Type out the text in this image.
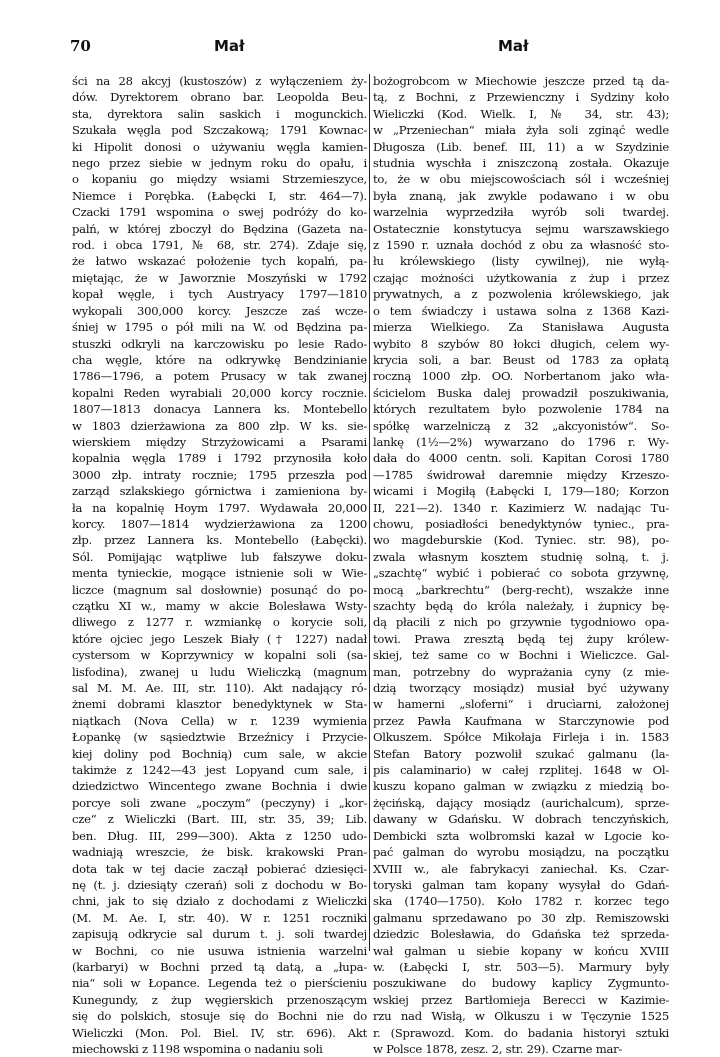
70	Mał	Mał
ści na 28 akcyj (kustoszów) z wyłączeniem ży-
dów. Dyrektorem obrano bar. Leopolda Beu-
sta, dyrektora salin saskich i mogunckich.
Szukała węgla pod Szczakową; 1791 Kownac-
ki Hipolit donosi o używaniu węgla kamien-
nego przez siebie w jednym roku do opału, i
o kopaniu go między wsiami Strzemieszyce,
Niemce i Porębka. (Łabęcki I, str. 464—7).
Czacki 1791 wspomina o swej podróży do ko-
palń, w której zboczył do Będzina (Gazeta na-
rod. i obca 1791, № 68, str. 274). Zdaje się,
że łatwo wskazać położenie tych kopalń, pa-
miętając, że w Jaworznie Moszyński w 1792
kopał węgle, i tych Austryacy 1797—1810
wykopali 300,000 korcy. Jeszcze zaś wcze-
śniej w 1795 o pół mili na W. od Będzina pa-
stuszki odkryli na karczowisku po lesie Rado-
cha węgle, które na odkrywkę Bendzinianie
1786—1796, a potem Prusacy w tak zwanej
kopalni Reden wyrabiali 20,000 korcy rocznie.
1807—1813 donacya Lannera ks. Montebello
w 1803 dzierżawiona za 800 złp. W ks. sie-
wierskiem między Strzyżowicami a Psarami
kopalnia węgla 1789 i 1792 przynosiła koło
3000 złp. intraty rocznie; 1795 przeszła pod
zarząd szlakskiego górnictwa i zamieniona by-
ła na kopalnię Hoym 1797. Wydawała 20,000
korcy. 1807—1814 wydzierżawiona za 1200
złp. przez Lannera ks. Montebello (Łabęcki).
Sól. Pomijając wątpliwe lub fałszywe doku-
menta tynieckie, mogące istnienie soli w Wie-
liczce (magnum sal dosłownie) posunąć do po-
czątku XI w., mamy w akcie Bolesława Wsty-
dliwego z 1277 r. wzmiankę o korycie soli,
które ojciec jego Leszek Biały († 1227) nadał
cystersom w Koprzywnicy w kopalni soli (sa-
lisfodina), zwanej u ludu Wieliczką (magnum
sal M. M. Ae. III, str. 110). Akt nadający ró-
żnemi dobrami klasztor benedyktynek w Sta-
niątkach (Nova Cella) w r. 1239 wymienia
Łopankę (w sąsiedztwie Brzeźnicy i Przycie-
kiej doliny pod Bochnią) cum sale, w akcie
takimże z 1242—43 jest Lopyand cum sale, i
dziedzictwo Wincentego zwane Bochnia i dwie
porcye soli zwane „poczym“ (peczyny) i „kor-
cze“ z Wieliczki (Bart. III, str. 35, 39; Lib.
ben. Dług. III, 299—300). Akta z 1250 udo-
wadniają wreszcie, że bisk. krakowski Pran-
dota tak w tej dacie zaczął pobierać dziesięci-
nę (t. j. dziesiąty czerań) soli z dochodu w Bo-
chni, jak to się działo z dochodami z Wieliczki
(M. M. Ae. I, str. 40). W r. 1251 roczniki
zapisują odkrycie sal durum t. j. soli twardej
w Bochni, co nie usuwa istnienia warzelni
(karbaryi) w Bochni przed tą datą, a „łupa-
nia“ soli w Łopance. Legenda też o pierścieniu
Kunegundy, z żup węgierskich przenoszącym
się do polskich, stosuje się do Bochni nie do
Wieliczki (Mon. Pol. Biel. IV, str. 696). Akt
miechowski z 1198 wspomina o nadaniu soli
bożogrobcom w Miechowie jeszcze przed tą da-
tą, z Bochni, z Przewienczny i Sydziny koło
Wieliczki (Kod. Wielk. I, № 34, str. 43);
w „Przeniechan“ miała żyła soli zginąć wedle
Długosza (Lib. benef. III, 11) a w Szydzinie
studnia wyschła i zniszczoną została. Okazuje
to, że w obu miejscowościach sól i wcześniej
była znaną, jak zwykle podawano i w obu
warzelnia wyprzedziła wyrób soli twardej.
Ostatecznie konstytucya sejmu warszawskiego
z 1590 r. uznała dochód z obu za własność sto-
łu królewskiego (listy cywilnej), nie wyłą-
czając możności użytkowania z żup i przez
prywatnych, a z pozwolenia królewskiego, jak
o tem świadczy i ustawa solna z 1368 Kazi-
mierza Wielkiego. Za Stanisława Augusta
wybito 8 szybów 80 łokci długich, celem wy-
krycia soli, a bar. Beust od 1783 za opłatą
roczną 1000 złp. OO. Norbertanom jako wła-
ścicielom Buska dalej prowadził poszukiwania,
których rezultatem było pozwolenie 1784 na
spółkę warzelniczą z 32 „akcyonistów“. So-
lankę (1½—2%) wywarzano do 1796 r. Wy-
dała do 4000 centn. soli. Kapitan Corosi 1780
—1785 świdrował daremnie między Krzeszo-
wicami i Mogiłą (Łabęcki I, 179—180; Korzon
II, 221—2). 1340 r. Kazimierz W. nadając Tu-
chowu, posiadłości benedyktynów tyniec., pra-
wo magdeburskie (Kod. Tyniec. str. 98), po-
zwala własnym kosztem studnię solną, t. j.
„szachtę“ wybić i pobierać co sobota grzywnę,
mocą „barkrechtu“ (berg-recht), wszakże inne
szachty będą do króla należały, i żupnicy bę-
dą płacili z nich po grzywnie tygodniowo opa-
towi. Prawa zresztą będą tej żupy królew-
skiej, też same co w Bochni i Wieliczce. Gal-
man, potrzebny do wyprażania cyny (z mie-
dzią tworzący mosiądz) musiał być używany
w hamerni „sloferni“ i drucìarni, założonej
przez Pawła Kaufmana w Starczynowie pod
Olkuszem. Spółce Mikołaja Firleja i in. 1583
Stefan Batory pozwolił szukać galmanu (la-
pis calaminario) w całej rzplitej. 1648 w Ol-
kuszu kopano galman w związku z miedzią bo-
żęcińską, dający mosiądz (aurichalcum), sprze-
dawany w Gdańsku. W dobrach tenczyńskich,
Dembicki szta wolbromski kazał w Lgocie ko-
pać galman do wyrobu mosiądzu, na początku
XVIII w., ale fabrykacyi zaniechał. Ks. Czar-
toryski galman tam kopany wysyłał do Gdań-
ska (1740—1750). Koło 1782 r. korzec tego
galmanu sprzedawano po 30 złp. Remiszowski
dziedzic Bolesławia, do Gdańska też sprzeda-
wał galman u siebie kopany w końcu XVIII
w. (Łabęcki I, str. 503—5). Marmury były
poszukiwane do budowy kaplicy Zygmunto-
wskiej przez Bartłomieja Berecci w Kazimie-
rzu nad Wisłą, w Olkuszu i w Tęczynie 1525
r. (Sprawozd. Kom. do badania historyi sztuki
w Polsce 1878, zesz. 2, str. 29). Czarne mar-
